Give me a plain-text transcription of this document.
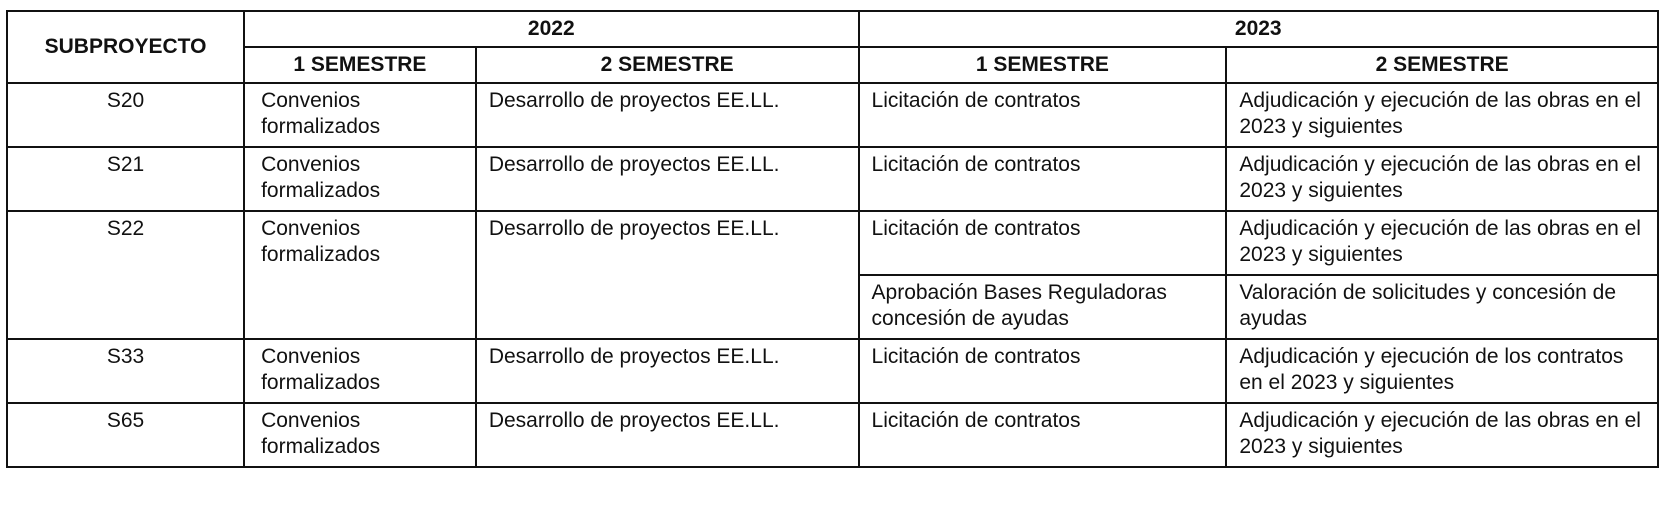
SUBPROYECTO	2022		2023	
	1 SEMESTRE	2 SEMESTRE	1 SEMESTRE	2 SEMESTRE
S20	Convenios formalizados	Desarrollo de proyectos EE.LL.	Licitación de contratos	Adjudicación y ejecución de las obras en el 2023 y siguientes
S21	Convenios formalizados	Desarrollo de proyectos EE.LL.	Licitación de contratos	Adjudicación y ejecución de las obras en el 2023 y siguientes
S22	Convenios formalizados	Desarrollo de proyectos EE.LL.	Licitación de contratos	Adjudicación y ejecución de las obras en el 2023 y siguientes
			Aprobación Bases Reguladoras concesión de ayudas	Valoración de solicitudes y concesión de ayudas
S33	Convenios formalizados	Desarrollo de proyectos EE.LL.	Licitación de contratos	Adjudicación y ejecución de los contratos en el 2023 y siguientes
S65	Convenios formalizados	Desarrollo de proyectos EE.LL.	Licitación de contratos	Adjudicación y ejecución de las obras en el 2023 y siguientes
